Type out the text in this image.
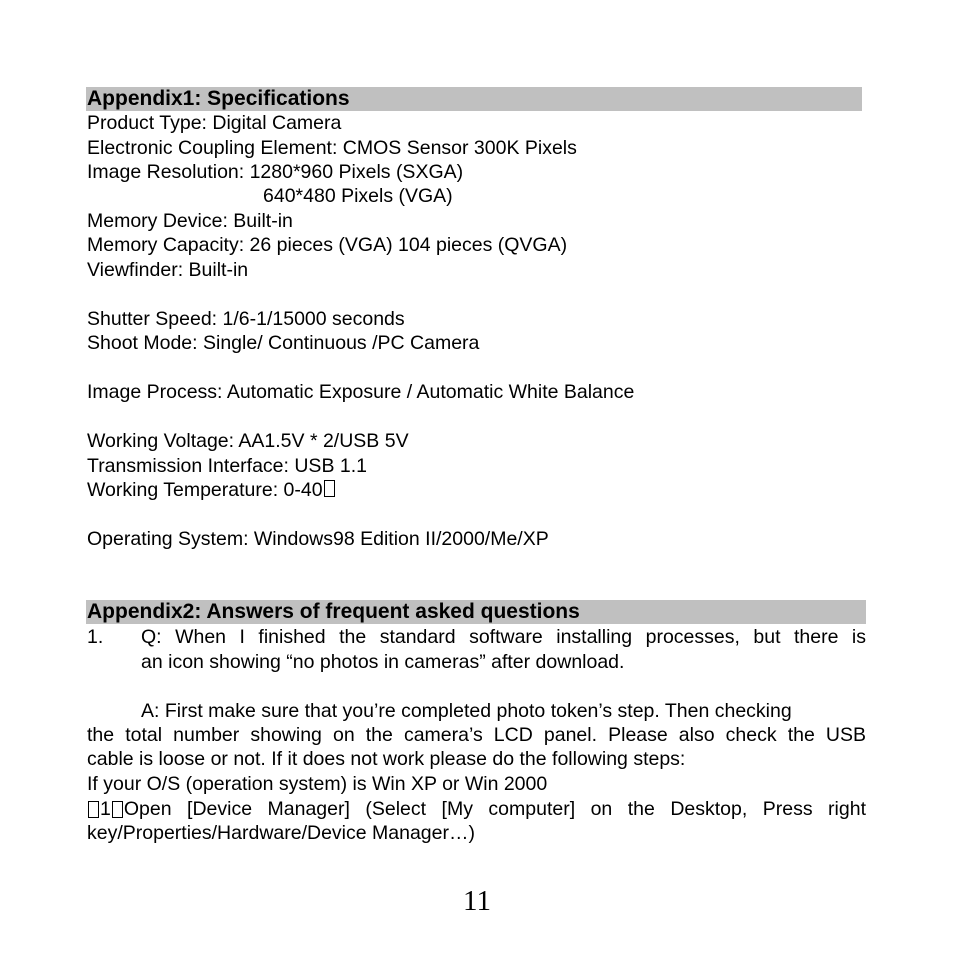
Appendix1: Specifications
Product Type: Digital Camera
Electronic Coupling Element: CMOS Sensor 300K Pixels
Image Resolution: 1280*960 Pixels (SXGA)
640*480 Pixels (VGA)
Memory Device: Built-in
Memory Capacity: 26 pieces (VGA) 104 pieces (QVGA)
Viewfinder: Built-in
Shutter Speed: 1/6-1/15000 seconds
Shoot Mode: Single/ Continuous /PC Camera
Image Process: Automatic Exposure / Automatic White Balance
Working Voltage: AA1.5V * 2/USB 5V
Transmission Interface: USB 1.1
Working Temperature: 0-40
Operating System: Windows98 Edition II/2000/Me/XP
Appendix2: Answers of frequent asked questions
1. Q: When I finished the standard software installing processes, but there is
an icon showing “no photos in cameras” after download.
A: First make sure that you’re completed photo token’s step. Then checking
the total number showing on the camera’s LCD panel. Please also check the USB
cable is loose or not. If it does not work please do the following steps:
If your O/S (operation system) is Win XP or Win 2000
1 Open [Device Manager] (Select [My computer] on the Desktop, Press right
key/Properties/Hardware/Device Manager…)
11
